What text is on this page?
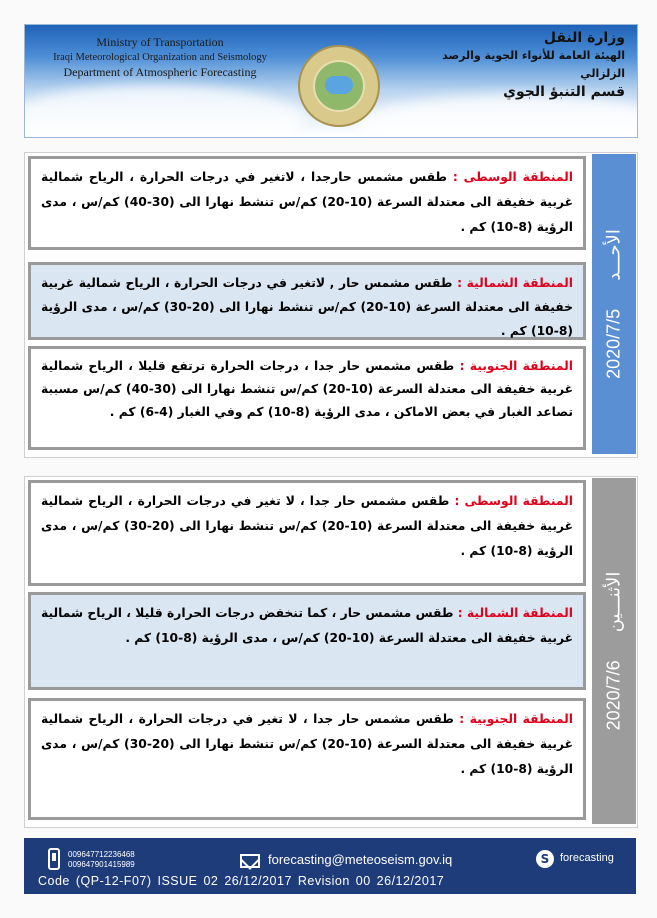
Ministry of Transportation
Iraqi Meteorological Organization and Seismology
Department of Atmospheric Forecasting
وزارة النقل
الهيئة العامة للأنواء الجوية والرصد الزلزالي
قسم التنبؤ الجوي
2020/7/5الأحـــد
المنطقة الوسطى : طقس مشمس حارجدا ، لاتغير في درجات الحرارة ، الرياح شمالية غربية خفيفة الى معتدلة السرعة (10-20) كم/س تنشط نهارا الى (30-40) كم/س ، مدى الرؤية (8-10) كم .
المنطقة الشمالية : طقس مشمس حار , لاتغير في درجات الحرارة ، الرياح شمالية غربية خفيفة الى معتدلة السرعة (10-20) كم/س تنشط نهارا الى (20-30) كم/س ، مدى الرؤية (8-10) كم .
المنطقة الجنوبية : طقس مشمس حار جدا ، درجات الحرارة ترتفع قليلا ، الرياح شمالية غربية خفيفة الى معتدلة السرعة (10-20) كم/س تنشط نهارا الى (30-40) كم/س مسببة تصاعد الغبار في بعض الاماكن ، مدى الرؤية (8-10) كم وفي الغبار (4-6) كم .
2020/7/6الأثنـــين
المنطقة الوسطى : طقس مشمس حار جدا ، لا تغير في درجات الحرارة ، الرياح شمالية غربية خفيفة الى معتدلة السرعة (10-20) كم/س تنشط نهارا الى (20-30) كم/س ، مدى الرؤية (8-10) كم .
المنطقة الشمالية : طقس مشمس حار ، كما تنخفض درجات الحرارة قليلا ، الرياح شمالية غربية خفيفة الى معتدلة السرعة (10-20) كم/س ، مدى الرؤية (8-10) كم .
المنطقة الجنوبية : طقس مشمس حار جدا ، لا تغير في درجات الحرارة ، الرياح شمالية غربية خفيفة الى معتدلة السرعة (10-20) كم/س تنشط نهارا الى (20-30) كم/س ، مدى الرؤية (8-10) كم .
009647712236468
009647901415989	forecasting@meteoseism.gov.iq	S forecasting
Code (QP-12-F07) ISSUE 02 26/12/2017 Revision 00 26/12/2017
